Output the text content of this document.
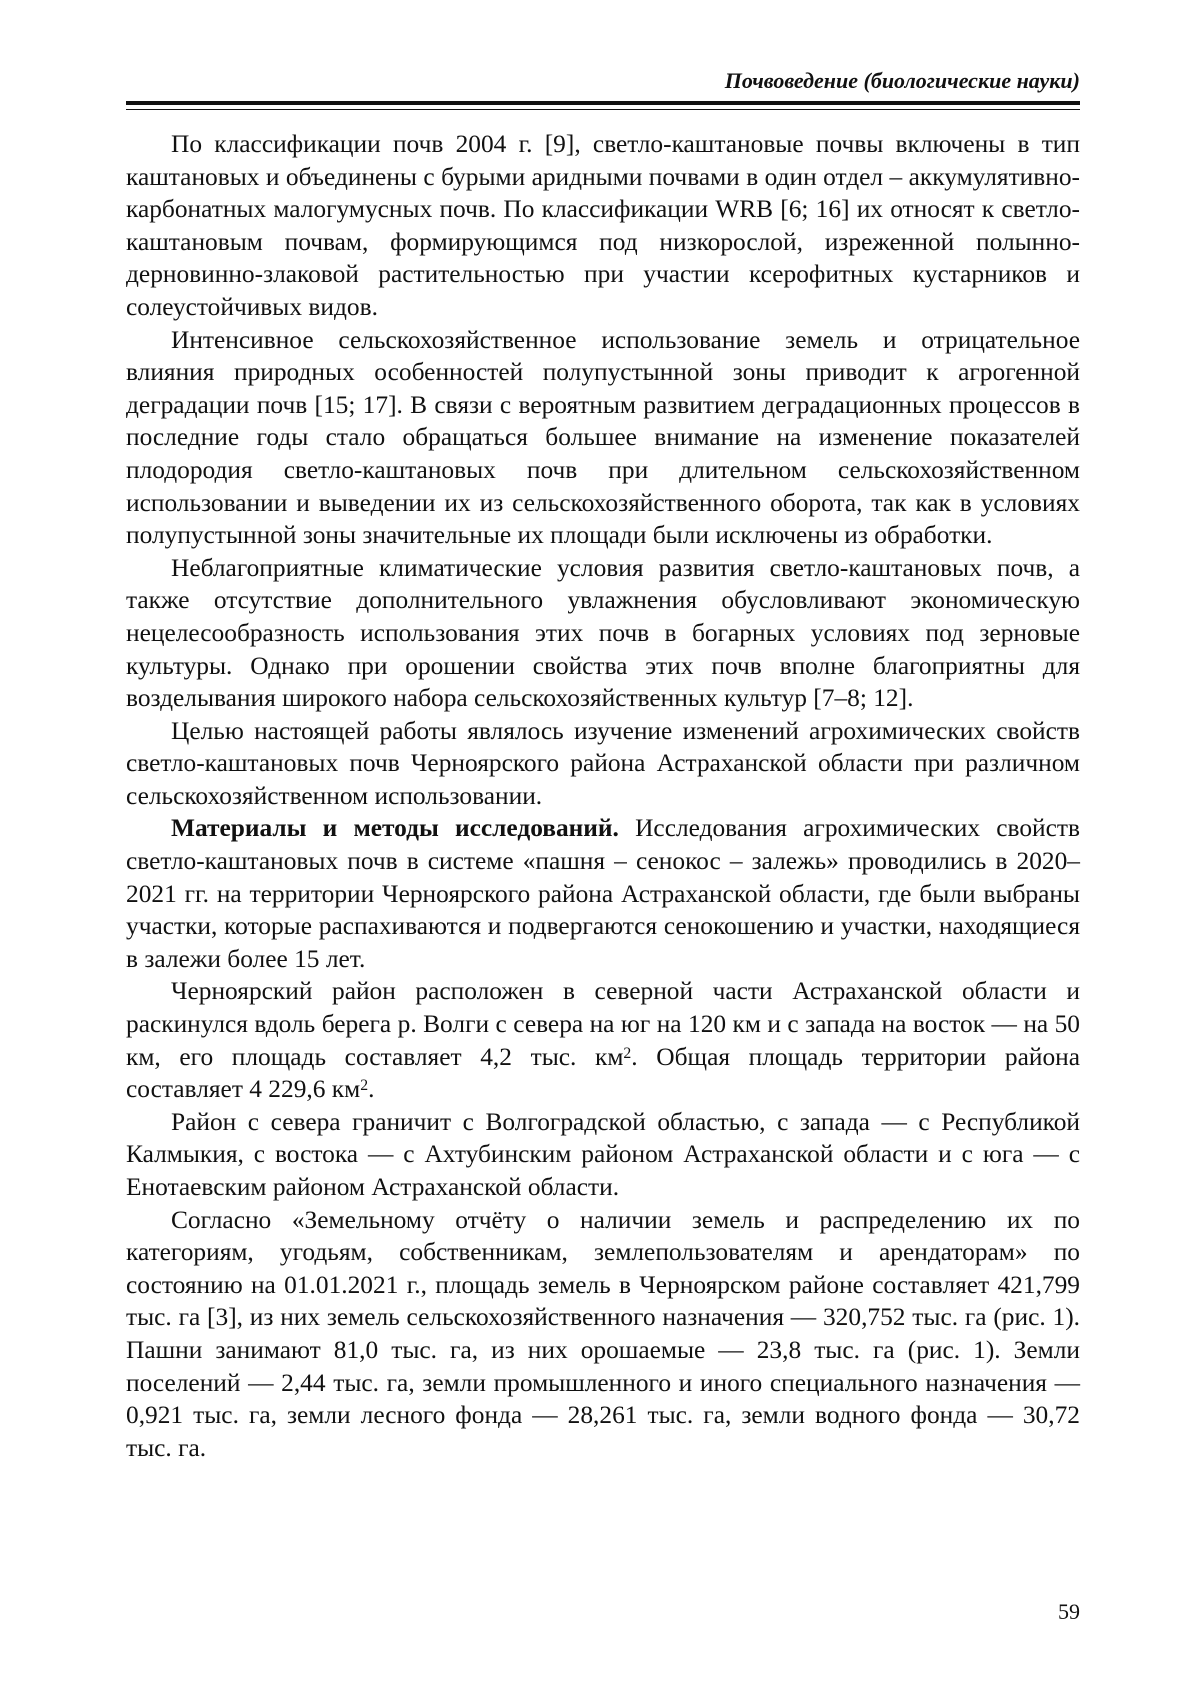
Почвоведение (биологические науки)

По классификации почв 2004 г. [9], светло-каштановые почвы включены в тип каштановых и объединены с бурыми аридными почвами в один отдел – аккумулятивно-карбонатных малогумусных почв. По классификации WRB [6; 16] их относят к светло-каштановым почвам, формирующимся под низкорослой, изреженной полынно-дерновинно-злаковой растительностью при участии ксерофитных кустарников и солеустойчивых видов.

Интенсивное сельскохозяйственное использование земель и отрицательное влияния природных особенностей полупустынной зоны приводит к агрогенной деградации почв [15; 17]. В связи с вероятным развитием деградационных процессов в последние годы стало обращаться большее внимание на изменение показателей плодородия светло-каштановых почв при длительном сельскохозяйственном использовании и выведении их из сельскохозяйственного оборота, так как в условиях полупустынной зоны значительные их площади были исключены из обработки.

Неблагоприятные климатические условия развития светло-каштановых почв, а также отсутствие дополнительного увлажнения обусловливают экономическую нецелесообразность использования этих почв в богарных условиях под зерновые культуры. Однако при орошении свойства этих почв вполне благоприятны для возделывания широкого набора сельскохозяйственных культур [7–8; 12].

Целью настоящей работы являлось изучение изменений агрохимических свойств светло-каштановых почв Черноярского района Астраханской области при различном сельскохозяйственном использовании.

Материалы и методы исследований. Исследования агрохимических свойств светло-каштановых почв в системе «пашня – сенокос – залежь» проводились в 2020–2021 гг. на территории Черноярского района Астраханской области, где были выбраны участки, которые распахиваются и подвергаются сенокошению и участки, находящиеся в залежи более 15 лет.

Черноярский район расположен в северной части Астраханской области и раскинулся вдоль берега р. Волги с севера на юг на 120 км и с запада на восток — на 50 км, его площадь составляет 4,2 тыс. $км^2$. Общая площадь территории района составляет 4 229,6 $км^2$.

Район с севера граничит с Волгоградской областью, с запада — с Республикой Калмыкия, с востока — с Ахтубинским районом Астраханской области и с юга — с Енотаевским районом Астраханской области.

Согласно «Земельному отчёту о наличии земель и распределению их по категориям, угодьям, собственникам, землепользователям и арендаторам» по состоянию на 01.01.2021 г., площадь земель в Черноярском районе составляет 421,799 тыс. га [3], из них земель сельскохозяйственного назначения — 320,752 тыс. га (рис. 1). Пашни занимают 81,0 тыс. га, из них орошаемые — 23,8 тыс. га (рис. 1). Земли поселений — 2,44 тыс. га, земли промышленного и иного специального назначения — 0,921 тыс. га, земли лесного фонда — 28,261 тыс. га, земли водного фонда — 30,72 тыс. га.

59
